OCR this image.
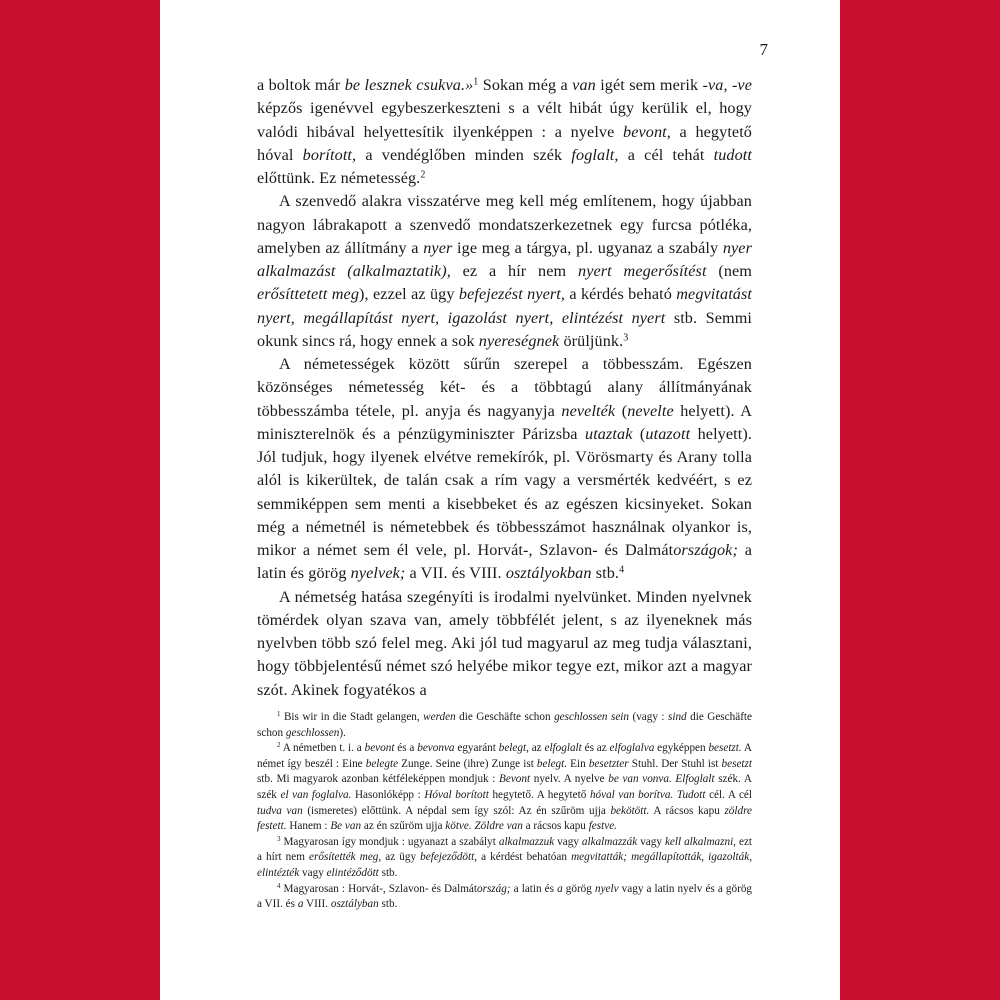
7

a boltok már be lesznek csukva.»$^1$ Sokan még a van igét sem merik -va, -ve képzős igenévvel egybeszerkeszteni s a vélt hibát úgy kerülik el, hogy valódi hibával helyettesítik ilyenképpen : a nyelve bevont, a hegytető hóval borított, a vendéglőben minden szék foglalt, a cél tehát tudott előttünk. Ez németesség.$^2$

A szenvedő alakra visszatérve meg kell még említenem, hogy újabban nagyon lábrakapott a szenvedő mondatszerkezetnek egy furcsa pótléka, amelyben az állítmány a nyer ige meg a tárgya, pl. ugyanaz a szabály nyer alkalmazást (alkalmaztatik), ez a hír nem nyert megerősítést (nem erősíttetett meg), ezzel az ügy befejezést nyert, a kérdés beható megvitatást nyert, megállapítást nyert, igazolást nyert, elintézést nyert stb. Semmi okunk sincs rá, hogy ennek a sok nyereségnek örüljünk.$^3$

A németességek között sűrűn szerepel a többesszám. Egészen közönséges németesség két- és a többtagú alany állítmányának többesszámba tétele, pl. anyja és nagyanyja nevelték (nevelte helyett). A miniszterelnök és a pénzügyminiszter Párizsba utaztak (utazott helyett). Jól tudjuk, hogy ilyenek elvétve remekírók, pl. Vörösmarty és Arany tolla alól is kikerültek, de talán csak a rím vagy a versmérték kedvéért, s ez semmiképpen sem menti a kisebbeket és az egészen kicsinyeket. Sokan még a németnél is németebbek és többesszámot használnak olyankor is, mikor a német sem él vele, pl. Horvát-, Szlavon- és Dalmátországok; a latin és görög nyelvek; a VII. és VIII. osztályokban stb.$^4$

A németség hatása szegényíti is irodalmi nyelvünket. Minden nyelvnek tömérdek olyan szava van, amely többfélét jelent, s az ilyeneknek más nyelvben több szó felel meg. Aki jól tud magyarul az meg tudja választani, hogy többjelentésű német szó helyébe mikor tegye ezt, mikor azt a magyar szót. Akinek fogyatékos a

$^1$ Bis wir in die Stadt gelangen, werden die Geschäfte schon geschlossen sein (vagy : sind die Geschäfte schon geschlossen).

$^2$ A németben t. i. a bevont és a bevonva egyaránt belegt, az elfoglalt és az elfoglalva egyképpen besetzt. A német így beszél : Eine belegte Zunge. Seine (ihre) Zunge ist belegt. Ein besetzter Stuhl. Der Stuhl ist besetzt stb. Mi magyarok azonban kétféleképpen mondjuk : Bevont nyelv. A nyelve be van vonva. Elfoglalt szék. A szék el van foglalva. Hasonlóképp : Hóval borított hegytető. A hegytető hóval van borítva. Tudott cél. A cél tudva van (ismeretes) előttünk. A népdal sem így szól: Az én szűröm ujja bekötött. A rácsos kapu zöldre festett. Hanem : Be van az én szűröm ujja kötve. Zöldre van a rácsos kapu festve.

$^3$ Magyarosan így mondjuk : ugyanazt a szabályt alkalmazzuk vagy alkalmazzák vagy kell alkalmazni, ezt a hírt nem erősítették meg, az ügy befejeződött, a kérdést behatóan megvitatták; megállapították, igazolták, elintézték vagy elintéződött stb.

$^4$ Magyarosan : Horvát-, Szlavon- és Dalmátország; a latin és a görög nyelv vagy a latin nyelv és a görög a VII. és a VIII. osztályban stb.
